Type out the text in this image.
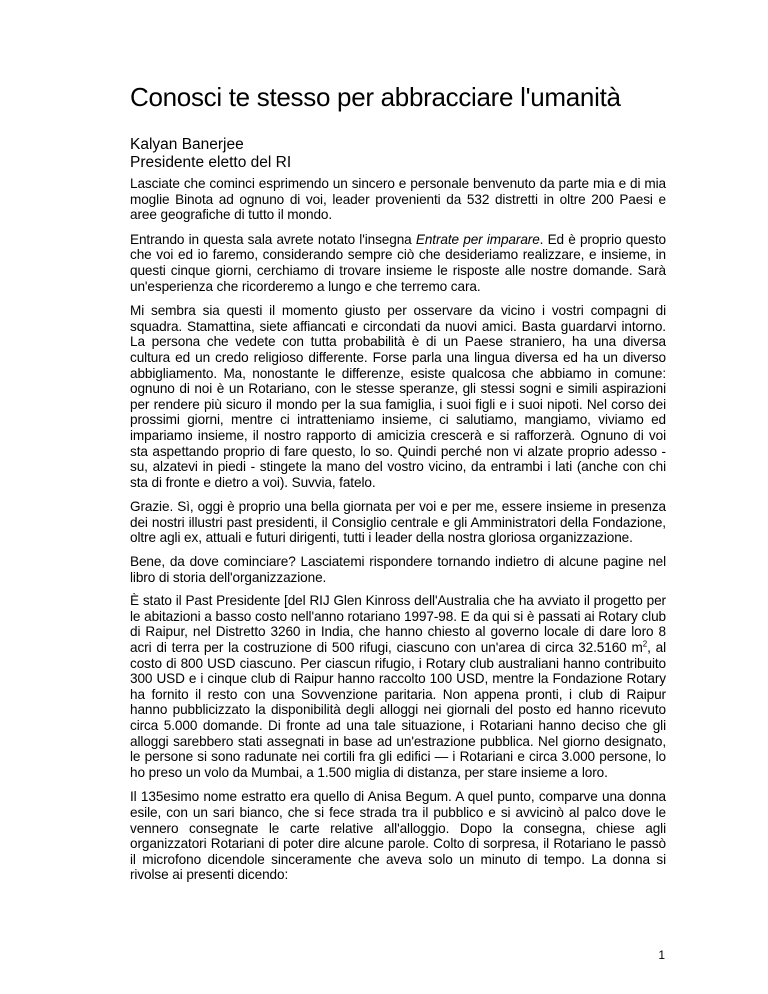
Conosci te stesso per abbracciare l'umanità
Kalyan Banerjee
Presidente eletto del RI

Lasciate che cominci esprimendo un sincero e personale benvenuto da parte mia e di mia moglie Binota ad ognuno di voi, leader provenienti da 532 distretti in oltre 200 Paesi e aree geografiche di tutto il mondo.

Entrando in questa sala avrete notato l'insegna Entrate per imparare. Ed è proprio questo che voi ed io faremo, considerando sempre ciò che desideriamo realizzare, e insieme, in questi cinque giorni, cerchiamo di trovare insieme le risposte alle nostre domande. Sarà un'esperienza che ricorderemo a lungo e che terremo cara.

Mi sembra sia questi il momento giusto per osservare da vicino i vostri compagni di squadra. Stamattina, siete affiancati e circondati da nuovi amici. Basta guardarvi intorno. La persona che vedete con tutta probabilità è di un Paese straniero, ha una diversa cultura ed un credo religioso differente. Forse parla una lingua diversa ed ha un diverso abbigliamento. Ma, nonostante le differenze, esiste qualcosa che abbiamo in comune: ognuno di noi è un Rotariano, con le stesse speranze, gli stessi sogni e simili aspirazioni per rendere più sicuro il mondo per la sua famiglia, i suoi figli e i suoi nipoti. Nel corso dei prossimi giorni, mentre ci intratteniamo insieme, ci salutiamo, mangiamo, viviamo ed impariamo insieme, il nostro rapporto di amicizia crescerà e si rafforzerà. Ognuno di voi sta aspettando proprio di fare questo, lo so. Quindi perché non vi alzate proprio adesso - su, alzatevi in piedi - stingete la mano del vostro vicino, da entrambi i lati (anche con chi sta di fronte e dietro a voi). Suvvia, fatelo.

Grazie. Sì, oggi è proprio una bella giornata per voi e per me, essere insieme in presenza dei nostri illustri past presidenti, il Consiglio centrale e gli Amministratori della Fondazione, oltre agli ex, attuali e futuri dirigenti, tutti i leader della nostra gloriosa organizzazione.

Bene, da dove cominciare? Lasciatemi rispondere tornando indietro di alcune pagine nel libro di storia dell'organizzazione.

È stato il Past Presidente [del RIJ Glen Kinross dell'Australia che ha avviato il progetto per le abitazioni a basso costo nell'anno rotariano 1997-98. E da qui si è passati ai Rotary club di Raipur, nel Distretto 3260 in India, che hanno chiesto al governo locale di dare loro 8 acri di terra per la costruzione di 500 rifugi, ciascuno con un'area di circa 32.5160 $m^2$, al costo di 800 USD ciascuno. Per ciascun rifugio, i Rotary club australiani hanno contribuito 300 USD e i cinque club di Raipur hanno raccolto 100 USD, mentre la Fondazione Rotary ha fornito il resto con una Sovvenzione paritaria. Non appena pronti, i club di Raipur hanno pubblicizzato la disponibilità degli alloggi nei giornali del posto ed hanno ricevuto circa 5.000 domande. Di fronte ad una tale situazione, i Rotariani hanno deciso che gli alloggi sarebbero stati assegnati in base ad un'estrazione pubblica. Nel giorno designato, le persone si sono radunate nei cortili fra gli edifici — i Rotariani e circa 3.000 persone, lo ho preso un volo da Mumbai, a 1.500 miglia di distanza, per stare insieme a loro.

Il 135esimo nome estratto era quello di Anisa Begum. A quel punto, comparve una donna esile, con un sari bianco, che si fece strada tra il pubblico e si avvicinò al palco dove le vennero consegnate le carte relative all'alloggio. Dopo la consegna, chiese agli organizzatori Rotariani di poter dire alcune parole. Colto di sorpresa, il Rotariano le passò il microfono dicendole sinceramente che aveva solo un minuto di tempo. La donna si rivolse ai presenti dicendo:

1
